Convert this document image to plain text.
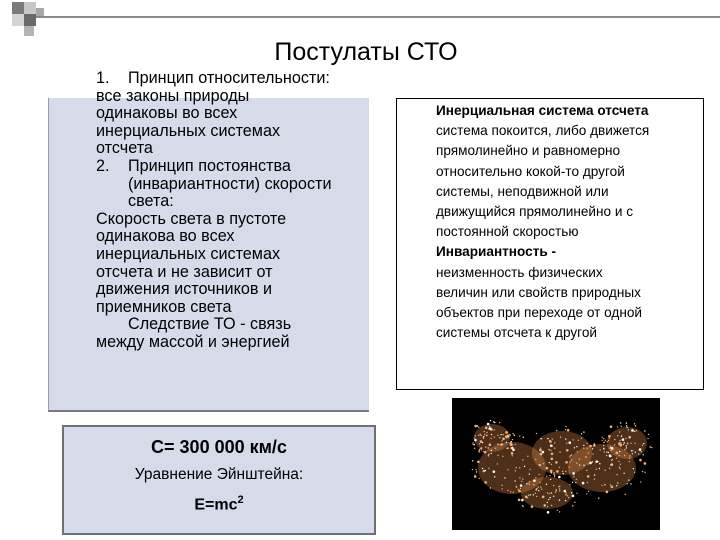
Постулаты СТО
1. Принцип относительности:
все законы природы
одинаковы во всех
инерциальных системах
отсчета
2. Принцип постоянства
(инвариантности) скорости
света:
Скорость света в пустоте
одинакова во всех
инерциальных системах
отсчета и не зависит от
движения источников и
приемников света
Следствие ТО - связь
между массой и энергией
Инерциальная система отсчета
система покоится, либо движется
прямолинейно и равномерно
относительно кокой-то другой
системы, неподвижной или
движущийся прямолинейно и с
постоянной скоростью
Инвариантность -
неизменность физических
величин или свойств природных
объектов при переходе от одной
системы отсчета к другой
С= 300 000 км/с
Уравнение Эйнштейна:
$E=mc^2$
